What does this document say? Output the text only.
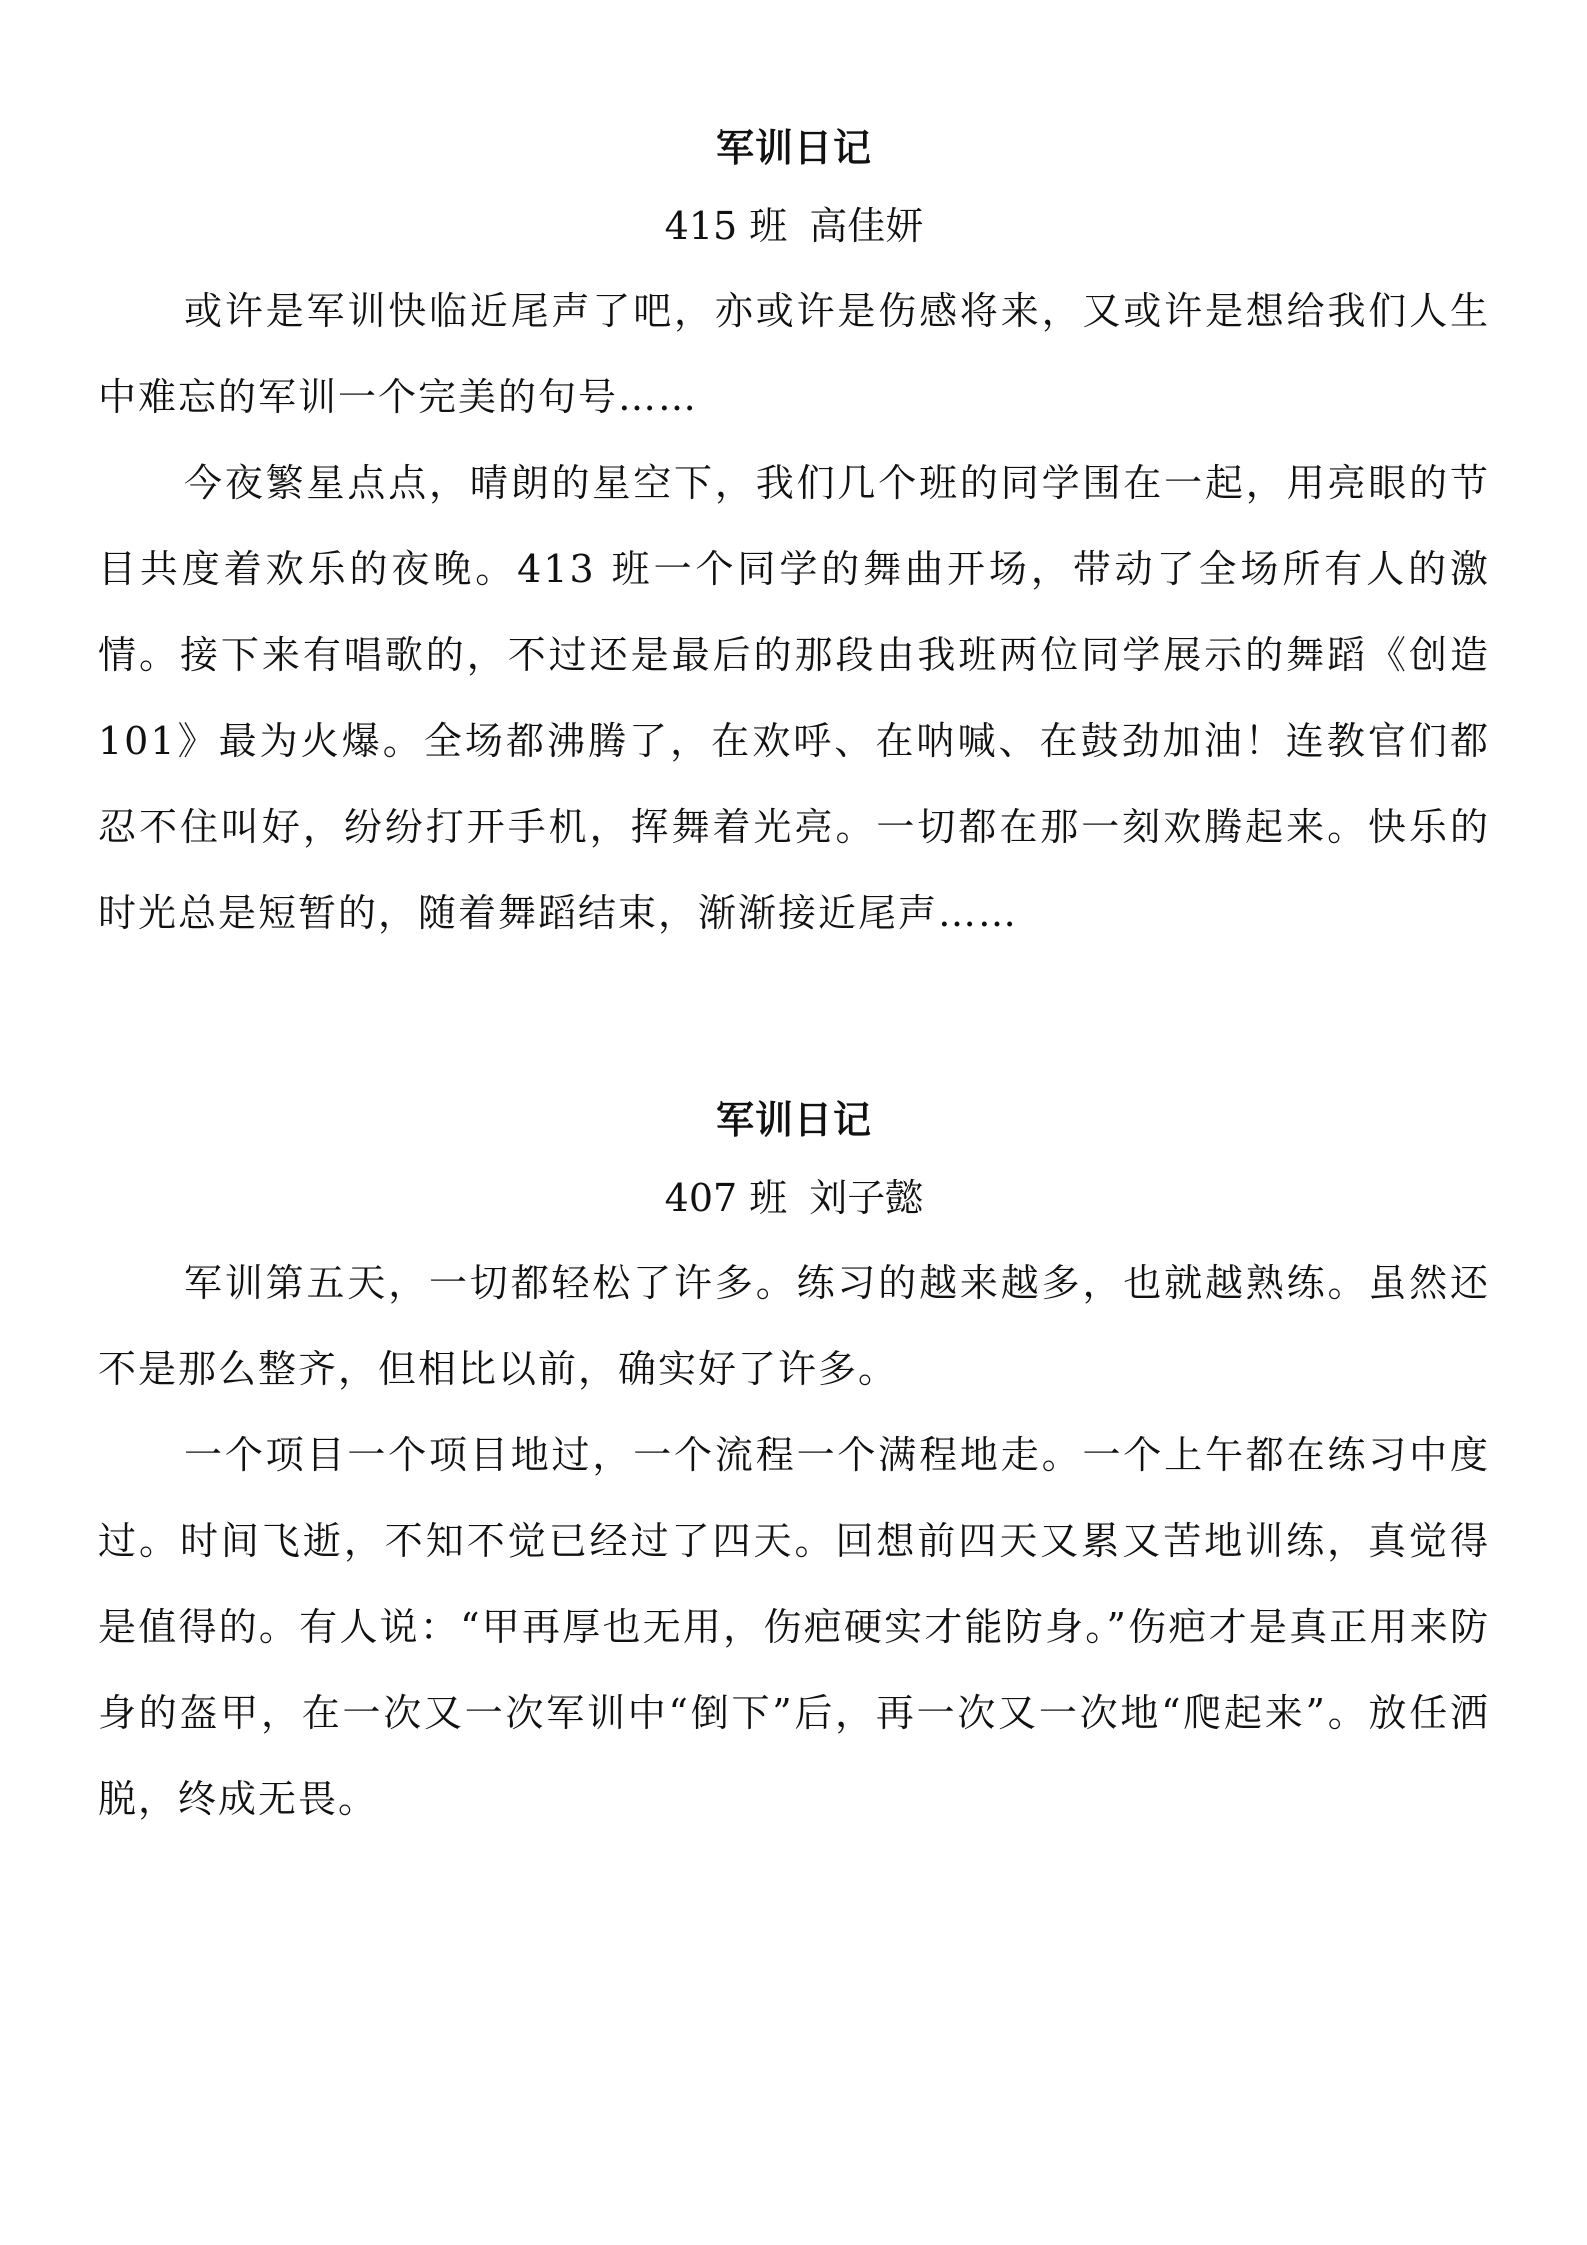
军训日记
415 班 高佳妍

或许是军训快临近尾声了吧，亦或许是伤感将来，又或许是想给我们人生中难忘的军训一个完美的句号……

今夜繁星点点，晴朗的星空下，我们几个班的同学围在一起，用亮眼的节目共度着欢乐的夜晚。413 班一个同学的舞曲开场，带动了全场所有人的激情。接下来有唱歌的，不过还是最后的那段由我班两位同学展示的舞蹈《创造 101》最为火爆。全场都沸腾了，在欢呼、在呐喊、在鼓劲加油！连教官们都忍不住叫好，纷纷打开手机，挥舞着光亮。一切都在那一刻欢腾起来。快乐的时光总是短暂的，随着舞蹈结束，渐渐接近尾声……

军训日记
407 班 刘子懿

军训第五天，一切都轻松了许多。练习的越来越多，也就越熟练。虽然还不是那么整齐，但相比以前，确实好了许多。

一个项目一个项目地过，一个流程一个满程地走。一个上午都在练习中度过。时间飞逝，不知不觉已经过了四天。回想前四天又累又苦地训练，真觉得是值得的。有人说：“甲再厚也无用，伤疤硬实才能防身。”伤疤才是真正用来防身的盔甲，在一次又一次军训中“倒下”后，再一次又一次地“爬起来”。放任洒脱，终成无畏。
